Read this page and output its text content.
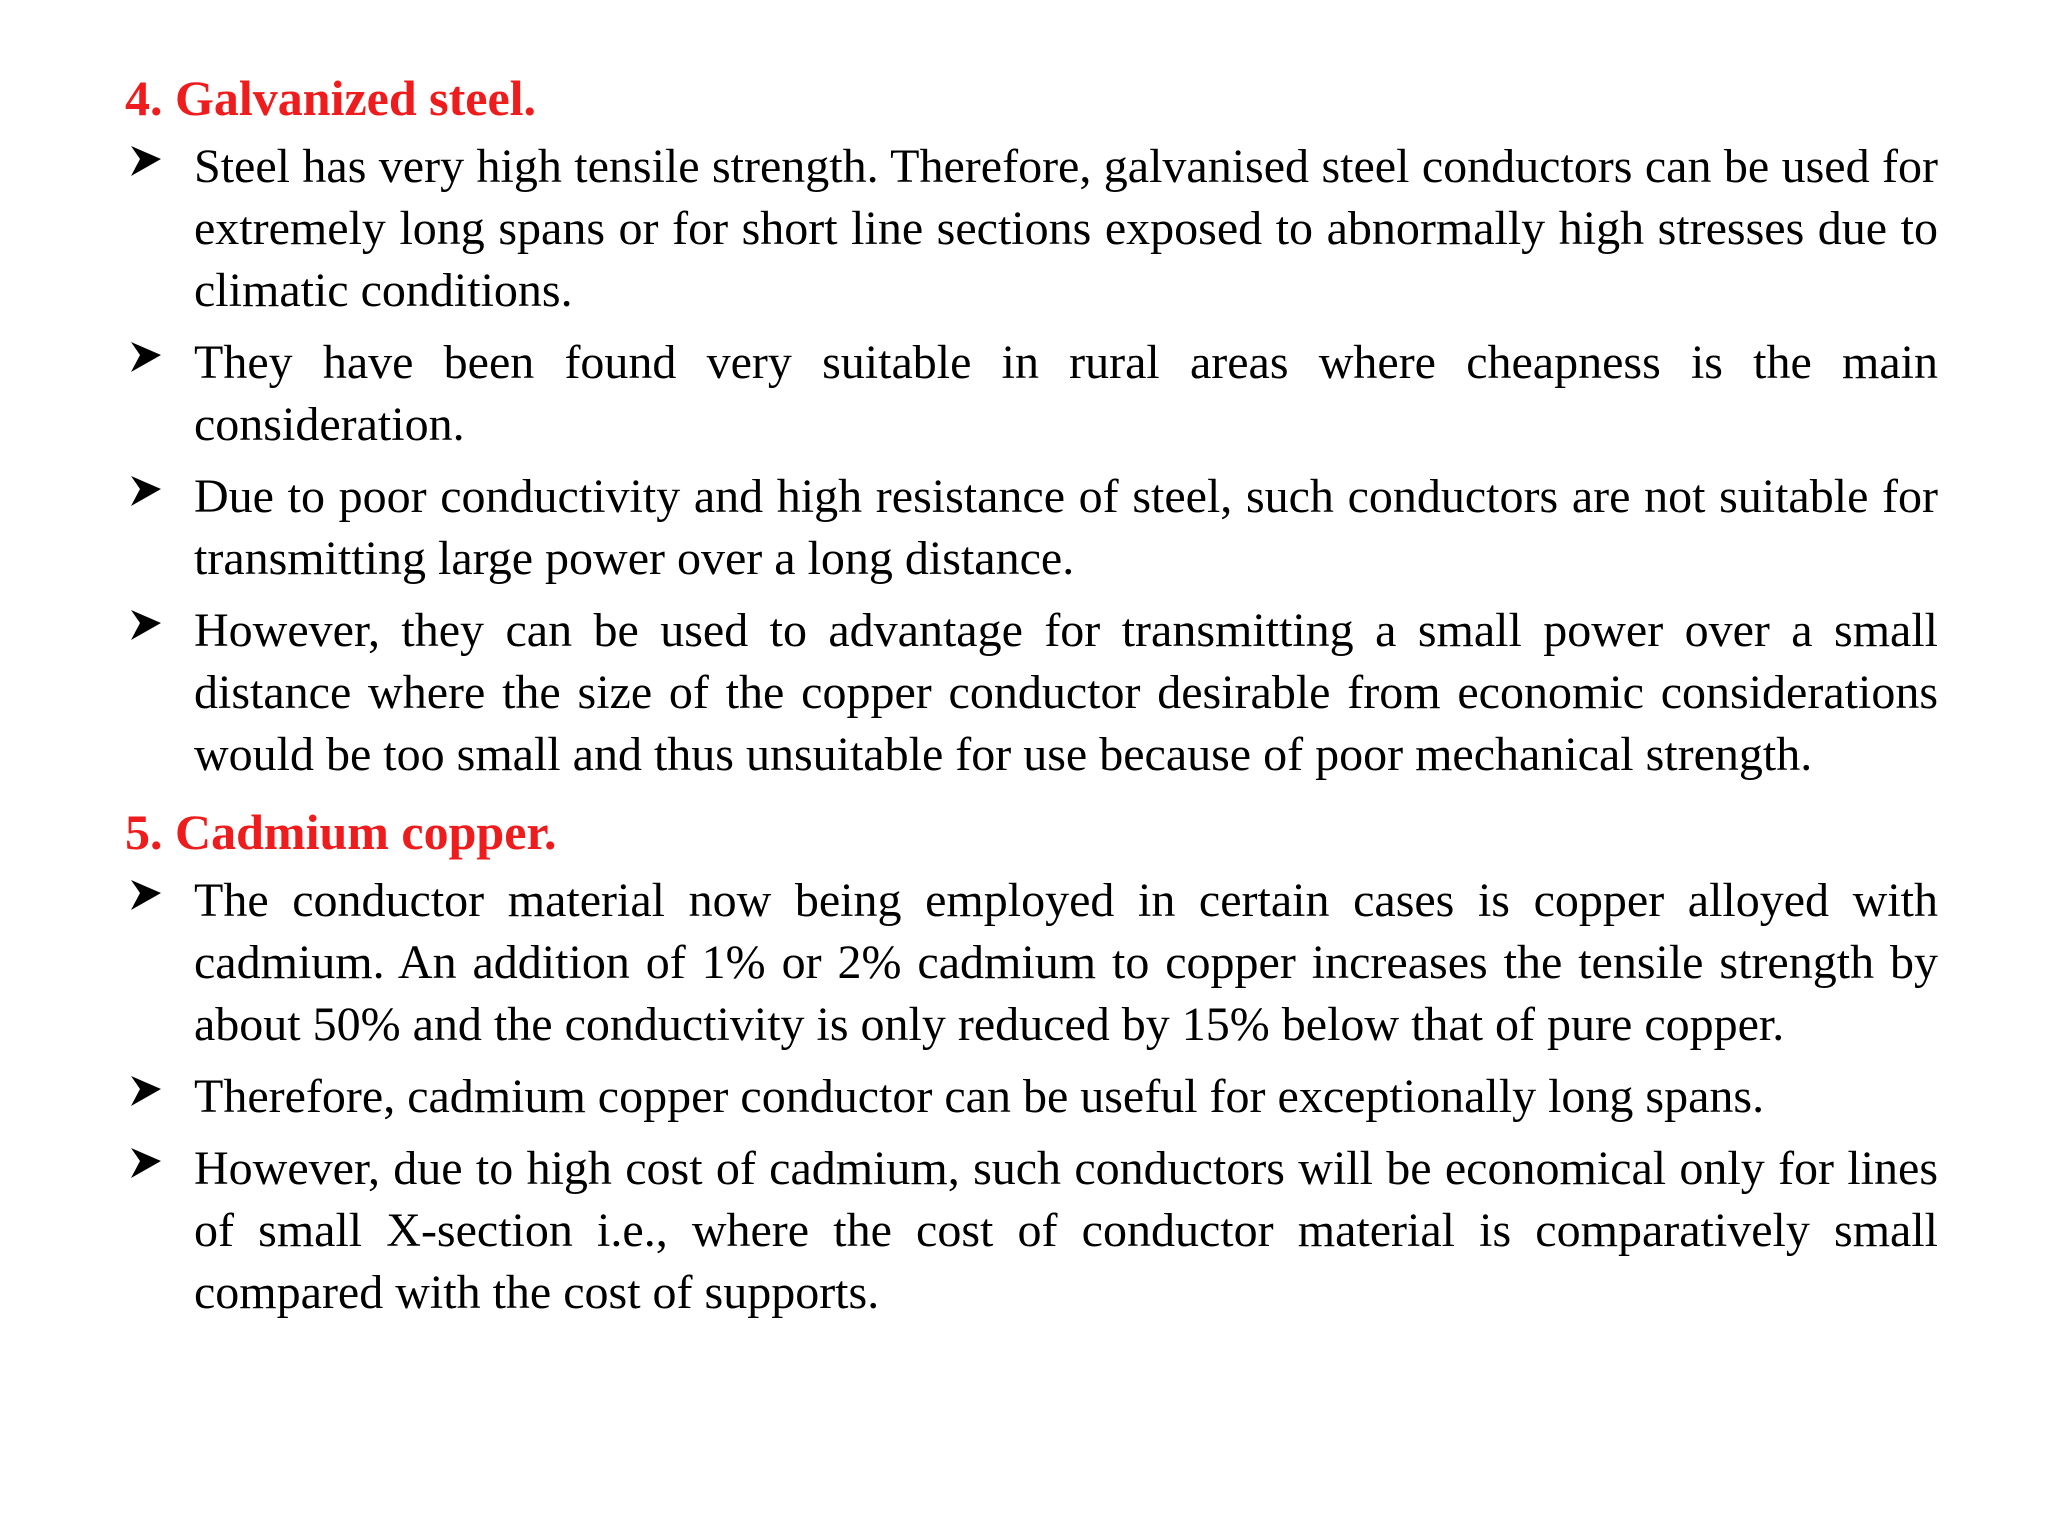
4. Galvanized steel.
Steel has very high tensile strength. Therefore, galvanised steel conductors can be used for extremely long spans or for short line sections exposed to abnormally high stresses due to climatic conditions.
They have been found very suitable in rural areas where cheapness is the main consideration.
Due to poor conductivity and high resistance of steel, such conductors are not suitable for transmitting large power over a long distance.
However, they can be used to advantage for transmitting a small power over a small distance where the size of the copper conductor desirable from economic considerations would be too small and thus unsuitable for use because of poor mechanical strength.
5. Cadmium copper.
The conductor material now being employed in certain cases is copper alloyed with cadmium. An addition of 1% or 2% cadmium to copper increases the tensile strength by about 50% and the conductivity is only reduced by 15% below that of pure copper.
Therefore, cadmium copper conductor can be useful for exceptionally long spans.
However, due to high cost of cadmium, such conductors will be economical only for lines of small X-section i.e., where the cost of conductor material is comparatively small compared with the cost of supports.
